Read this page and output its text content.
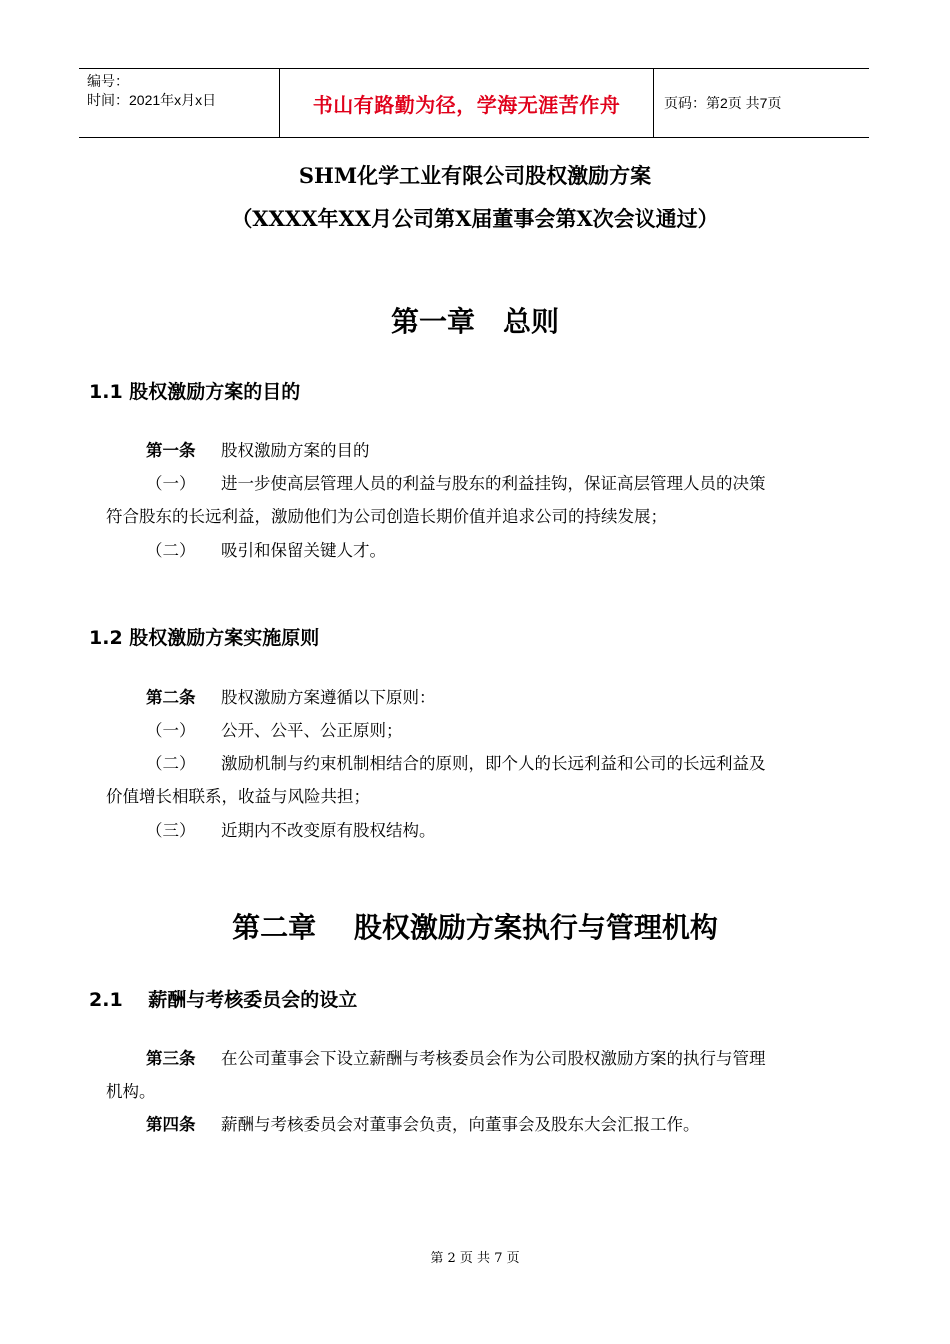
编号：
时间：2021年x月x日	书山有路勤为径，学海无涯苦作舟	页码：第2页 共7页
SHM化学工业有限公司股权激励方案
（XXXX年XX月公司第X届董事会第X次会议通过）
第一章　总则
1.1 股权激励方案的目的
第一条 股权激励方案的目的
（一） 进一步使高层管理人员的利益与股东的利益挂钩，保证高层管理人员的决策
符合股东的长远利益，激励他们为公司创造长期价值并追求公司的持续发展；
（二） 吸引和保留关键人才。
1.2 股权激励方案实施原则
第二条 股权激励方案遵循以下原则：
（一） 公开、公平、公正原则；
（二） 激励机制与约束机制相结合的原则，即个人的长远利益和公司的长远利益及
价值增长相联系，收益与风险共担；
（三） 近期内不改变原有股权结构。
第二章　 股权激励方案执行与管理机构
2.1　 薪酬与考核委员会的设立
第三条 在公司董事会下设立薪酬与考核委员会作为公司股权激励方案的执行与管理
机构。
第四条 薪酬与考核委员会对董事会负责，向董事会及股东大会汇报工作。
第 2 页 共 7 页
